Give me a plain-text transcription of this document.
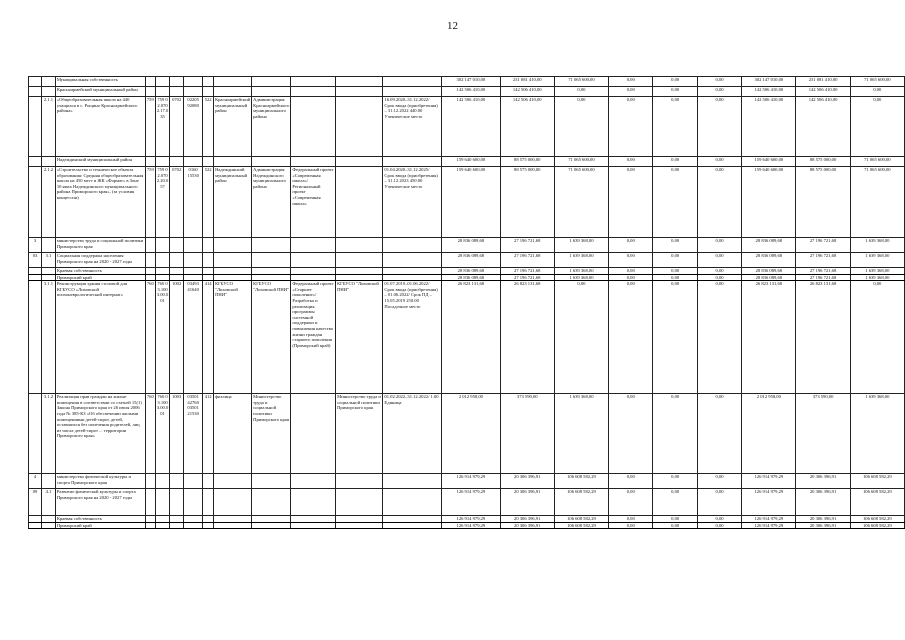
12
		Муниципальная собственность											302 147 010,00	231 081 410,00	71 065 600,00	0,00	0,00	0,00	302 147 010,00	231 081 410,00	71 065 600,00
		Красноармейский муниципальный район											142 506 410,00	142 506 410,00	0,00	0,00	0,00	0,00	142 506 410,00	142 506 410,00	0,00
	2.1.1	«Общеобразовательная школа на 440 учащихся в с. Рощино Красноармейского района»	759	759 0 2.070 2.17.0 35	0702	02205 92080	522	Красноармейский муниципальный район	Администрация Красноармейского муниципального района			16.09.2020–31.12.2022/ Срок ввода (приобретения) – 31.12.2022 440.00 Ученическое место	142 506 410,00	142 506 410,00	0,00	0,00	0,00	0,00	142 506 410,00	142 506 410,00	0,00
		Надеждинский муниципальный район											159 640 600,00	88 575 000,00	71 065 600,00	0,00	0,00	0,00	159 640 600,00	88 575 000,00	71 065 600,00
	2.1.2	«Строительство и техническое объекта образования: Средняя общеобразовательная школа на 450 мест в ЖК «Формат» в Зоне 10 ямах Надеждинского муниципального района Приморского края», (за условия концессии)	759	759 0 2.070 2.20.0 57	0702	0160 15530	522	Надеждинский муниципальный район	Администрация Надеждинского муниципального района	Федеральный проект «Современная школа»/Региональный проект «Современная школа»		01.04.2020–31.12.2025/ Срок ввода (приобретения) – 31.12.2023 450.00 Ученическое место	159 640 600,00	88 575 000,00	71 065 600,00	0,00	0,00	0,00	159 640 600,00	88 575 000,00	71 065 600,00
3		министерство труда и социальной политики Приморского края											28 836 089,68	27 196 721,68	1 639 368,00	0,00	0,00	0,00	28 836 089,68	27 196 721,68	1 639 368,00
03	3.1	Социальная поддержка населения Приморского края на 2020 - 2027 годы											28 836 089,68	27 196 721,68	1 639 368,00	0,00	0,00	0,00	28 836 089,68	27 196 721,68	1 639 368,00
		Краевая собственность											28 836 089,68	27 196 721,68	1 639 368,00	0,00	0,00	0,00	28 836 089,68	27 196 721,68	1 639 368,00
		Приморский край											28 836 089,68	27 196 721,68	1 639 368,00	0,00	0,00	0,00	28 836 089,68	27 196 721,68	1 639 368,00
	3.1.1	Реконструкция здания столовой для КГБУСО «Лиховской психоневрологический интернат»	760	760 0 3.100 3.00.0 01	1002	03493 41640	414	КГБУСО "Лиховской ПНИ"	КГБУСО "Лиховской ПНИ"	Федеральный проект «Старшее поколение»/Разработка и реализация программы системной поддержки и повышения качества жизни граждан старшего поколения (Приморский край)	КГБУСО "Лиховской ПНИ"	01.07.2019–01.06.2022/ Срок ввода (приобретения) – 01.06.2022/ Срок ПД – 15.05.2019 250.00 Посадочное место	26 823 131,68	26 823 131,68	0,00	0,00	0,00	0,00	26 823 131,68	26 823 131,68	0,00
	3.1.2	Реализация прав граждан на жилые помещения в соответствии со статьей 15(1) Закона Приморского края от 26 июля 2006 года № 385-КЗ «Об обеспечении жилыми помещениями детей-сирот, детей, оставшихся без попечения родителей, лиц из числа детей-сирот ... территории Приморского края»	760	760 0 3.100 3.00.0 01	1003	03501 42760 03501 21530	412	физлица	Министерство труда и социальной политики Приморского края		Министерство труда и социальной политики Приморского края	01.02.2022–31.12.2022/ 1.00 Единица	2 012 958,00	373 590,00	1 639 368,00	0,00	0,00	0,00	2 012 958,00	373 590,00	1 639 368,00
4		министерство физической культуры и спорта Приморского края											126 914 979,29	20 306 396,91	106 608 582,29	0,00	0,00	0,00	126 914 979,29	20 306 396,91	106 608 582,29
09	4.1	Развитие физической культуры и спорта Приморского края на 2020 - 2027 годы											126 914 979,29	20 306 396,91	106 608 582,29	0,00	0,00	0,00	126 914 979,29	20 306 396,91	106 608 582,29
		Краевая собственность											126 914 979,29	20 306 396,91	106 608 582,29	0,00	0,00	0,00	126 914 979,29	20 306 396,91	106 608 582,29
		Приморский край											126 914 979,29	20 306 396,91	106 608 582,29	0,00	0,00	0,00	126 914 979,29	20 306 396,91	106 608 582,29
